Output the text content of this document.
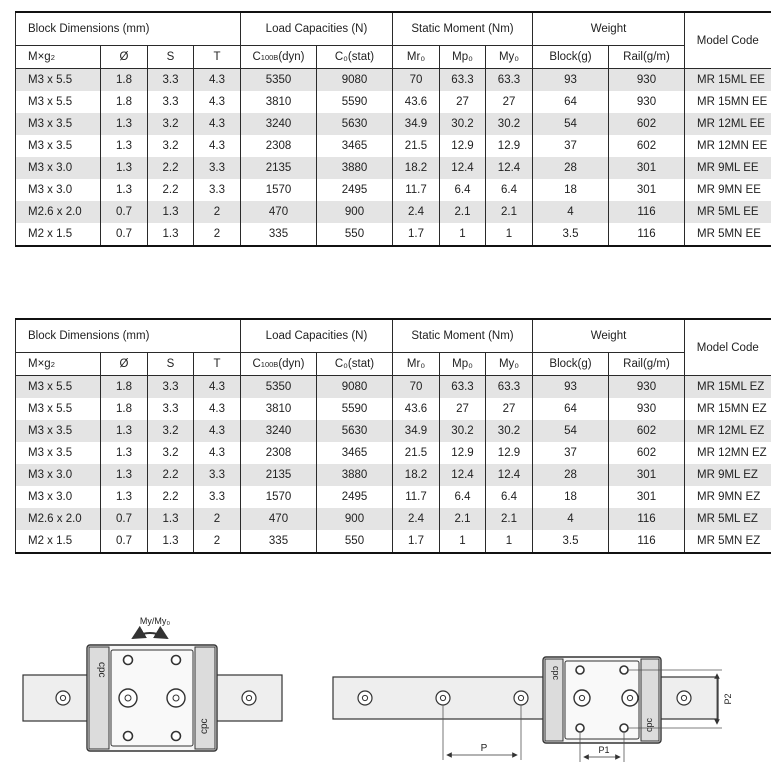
Block Dimensions (mm)				Load Capacities (N)		Static Moment (Nm)			Weight		Model Code
M×g2	Ø	S	T	C100B(dyn)	C₀(stat)	Mr₀	Mp₀	My₀	Block(g)	Rail(g/m)	
M3 x 5.5	1.8	3.3	4.3	5350	9080	70	63.3	63.3	93	930	MR 15ML EE
M3 x 5.5	1.8	3.3	4.3	3810	5590	43.6	27	27	64	930	MR 15MN EE
M3 x 3.5	1.3	3.2	4.3	3240	5630	34.9	30.2	30.2	54	602	MR 12ML EE
M3 x 3.5	1.3	3.2	4.3	2308	3465	21.5	12.9	12.9	37	602	MR 12MN EE
M3 x 3.0	1.3	2.2	3.3	2135	3880	18.2	12.4	12.4	28	301	MR 9ML EE
M3 x 3.0	1.3	2.2	3.3	1570	2495	11.7	6.4	6.4	18	301	MR 9MN EE
M2.6 x 2.0	0.7	1.3	2	470	900	2.4	2.1	2.1	4	116	MR 5ML EE
M2 x 1.5	0.7	1.3	2	335	550	1.7	1	1	3.5	116	MR 5MN EE
Block Dimensions (mm)				Load Capacities (N)		Static Moment (Nm)			Weight		Model Code
M×g2	Ø	S	T	C100B(dyn)	C₀(stat)	Mr₀	Mp₀	My₀	Block(g)	Rail(g/m)	
M3 x 5.5	1.8	3.3	4.3	5350	9080	70	63.3	63.3	93	930	MR 15ML EZ
M3 x 5.5	1.8	3.3	4.3	3810	5590	43.6	27	27	64	930	MR 15MN EZ
M3 x 3.5	1.3	3.2	4.3	3240	5630	34.9	30.2	30.2	54	602	MR 12ML EZ
M3 x 3.5	1.3	3.2	4.3	2308	3465	21.5	12.9	12.9	37	602	MR 12MN EZ
M3 x 3.0	1.3	2.2	3.3	2135	3880	18.2	12.4	12.4	28	301	MR 9ML EZ
M3 x 3.0	1.3	2.2	3.3	1570	2495	11.7	6.4	6.4	18	301	MR 9MN EZ
M2.6 x 2.0	0.7	1.3	2	470	900	2.4	2.1	2.1	4	116	MR 5ML EZ
M2 x 1.5	0.7	1.3	2	335	550	1.7	1	1	3.5	116	MR 5MN EZ
My/My₀
cpc
cpc
cpc
cpc
P	P1
P2
